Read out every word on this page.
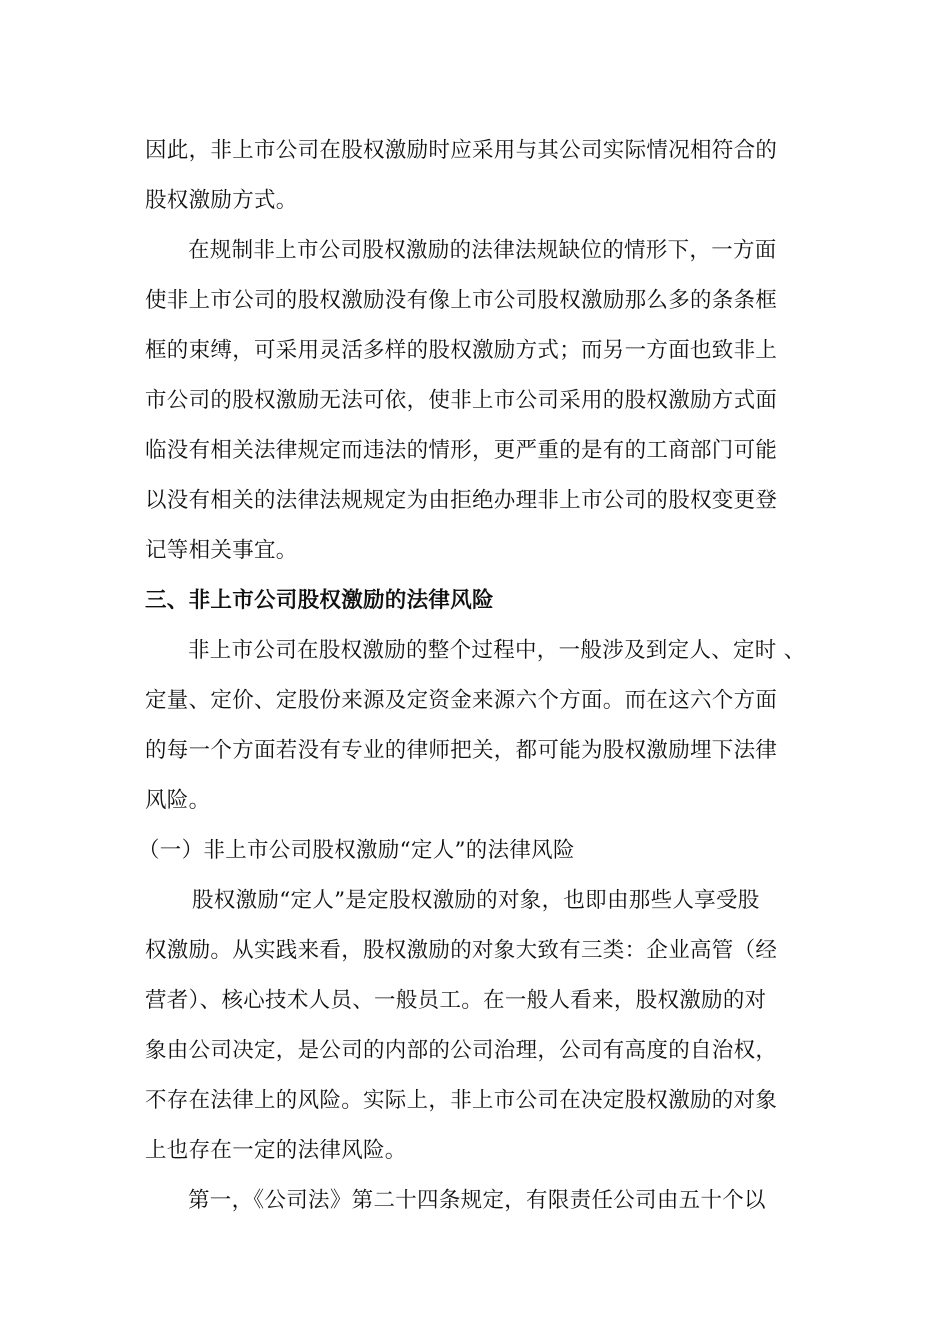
因此，非上市公司在股权激励时应采用与其公司实际情况相符合的
股权激励方式。
在规制非上市公司股权激励的法律法规缺位的情形下，一方面
使非上市公司的股权激励没有像上市公司股权激励那么多的条条框
框的束缚，可采用灵活多样的股权激励方式；而另一方面也致非上
市公司的股权激励无法可依，使非上市公司采用的股权激励方式面
临没有相关法律规定而违法的情形，更严重的是有的工商部门可能
以没有相关的法律法规规定为由拒绝办理非上市公司的股权变更登
记等相关事宜。
三、非上市公司股权激励的法律风险
非上市公司在股权激励的整个过程中，一般涉及到定人、定时 、
定量、定价、定股份来源及定资金来源六个方面。而在这六个方面
的每一个方面若没有专业的律师把关，都可能为股权激励埋下法律
风险。
（一）非上市公司股权激励“定人”的法律风险
股权激励“定人”是定股权激励的对象，也即由那些人享受股
权激励。从实践来看，股权激励的对象大致有三类：企业高管（经
营者）、核心技术人员、一般员工。在一般人看来，股权激励的对
象由公司决定，是公司的内部的公司治理，公司有高度的自治权，
不存在法律上的风险。实际上，非上市公司在决定股权激励的对象
上也存在一定的法律风险。
第一，《公司法》第二十四条规定，有限责任公司由五十个以
